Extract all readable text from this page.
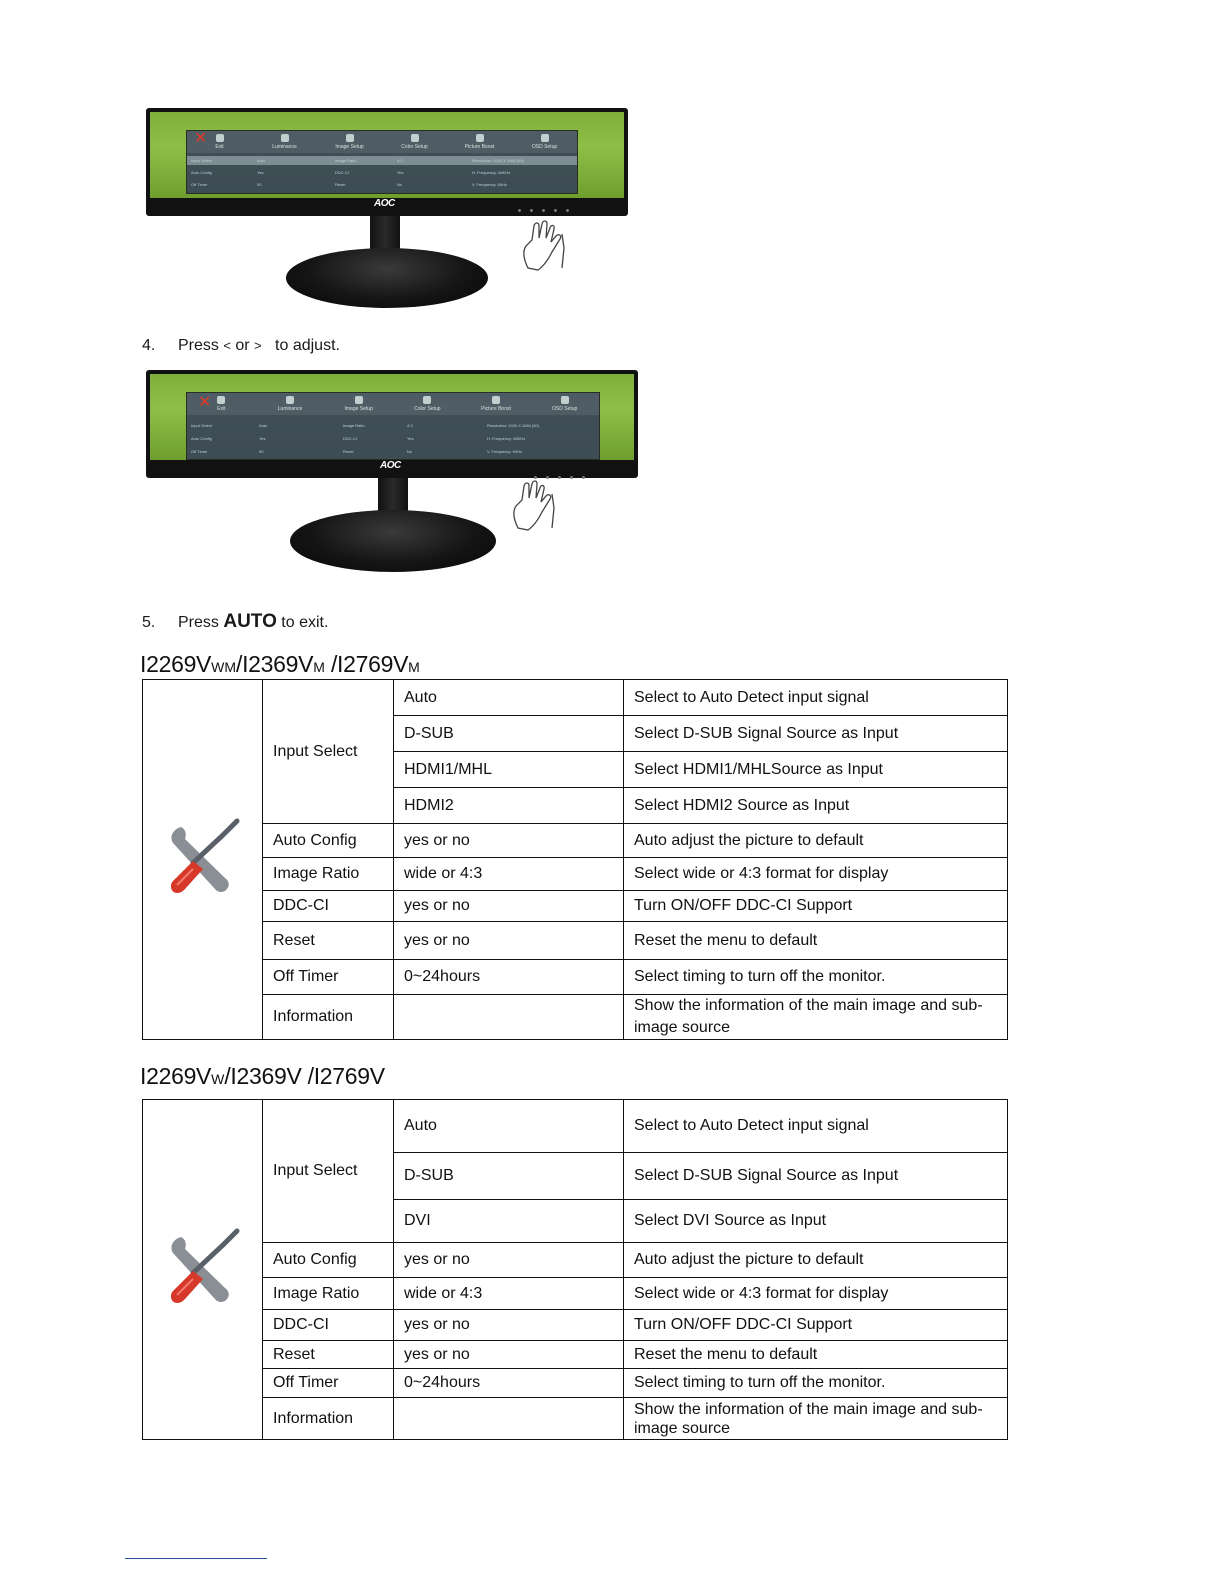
Exit	Luminance	Image Setup	Color Setup	Picture Boost	OSD Setup
Input Select	Auto	Image Ratio	4:3	Resolution: 1920 X 1080 (60)
Auto Config	Yes	DDC-CI	Yes	H. Frequency: 66KHz
Off Timer	00	Reset	No	V. Frequency: 60Hz
✕
AOC
4. Press < or > to adjust.
Exit	Luminance	Image Setup	Color Setup	Picture Boost	OSD Setup
Input Select	Auto	Image Ratio	4:3	Resolution: 1920 X 1080 (60)
Auto Config	Yes	DDC-CI	Yes	H. Frequency: 66KHz
Off Timer	00	Reset	No	V. Frequency: 60Hz
✕
AOC
5. Press AUTO to exit.
I2269VWM/I2369VM /I2769VM
	Input Select	Auto	Select to Auto Detect input signal
		D-SUB	Select D-SUB Signal Source as Input
		HDMI1/MHL	Select HDMI1/MHLSource as Input
		HDMI2	Select HDMI2 Source as Input
	Auto Config	yes or no	Auto adjust the picture to default
	Image Ratio	wide or 4:3	Select wide or 4:3 format for display
	DDC-CI	yes or no	Turn ON/OFF DDC-CI Support
	Reset	yes or no	Reset the menu to default
	Off Timer	0~24hours	Select timing to turn off the monitor.
	Information		Show the information of the main image and sub-image source
I2269VW/I2369V /I2769V
	Input Select	Auto	Select to Auto Detect input signal
		D-SUB	Select D-SUB Signal Source as Input
		DVI	Select DVI Source as Input
	Auto Config	yes or no	Auto adjust the picture to default
	Image Ratio	wide or 4:3	Select wide or 4:3 format for display
	DDC-CI	yes or no	Turn ON/OFF DDC-CI Support
	Reset	yes or no	Reset the menu to default
	Off Timer	0~24hours	Select timing to turn off the monitor.
	Information		Show the information of the main image and sub-image source
